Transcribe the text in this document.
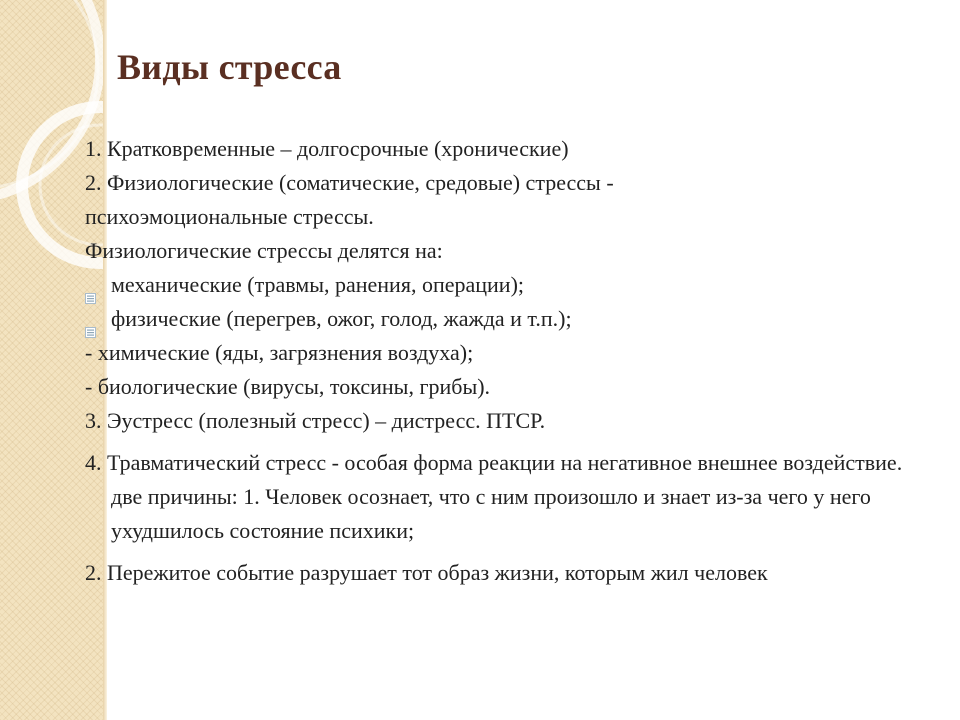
Виды стресса

1. Кратковременные – долгосрочные (хронические)

2. Физиологические (соматические, средовые) стрессы -

психоэмоциональные стрессы.

Физиологические стрессы делятся на:

механические (травмы, ранения, операции);
физические (перегрев, ожог, голод, жажда и т.п.);

- химические (яды, загрязнения воздуха);

- биологические (вирусы, токсины, грибы).

3. Эустресс (полезный стресс) – дистресс. ПТСР.

4. Травматический стресс - особая форма реакции на негативное внешнее воздействие. две причины: 1. Человек осознает, что с ним произошло и знает из-за чего у него ухудшилось состояние психики;

2. Пережитое событие разрушает тот образ жизни, которым жил человек
